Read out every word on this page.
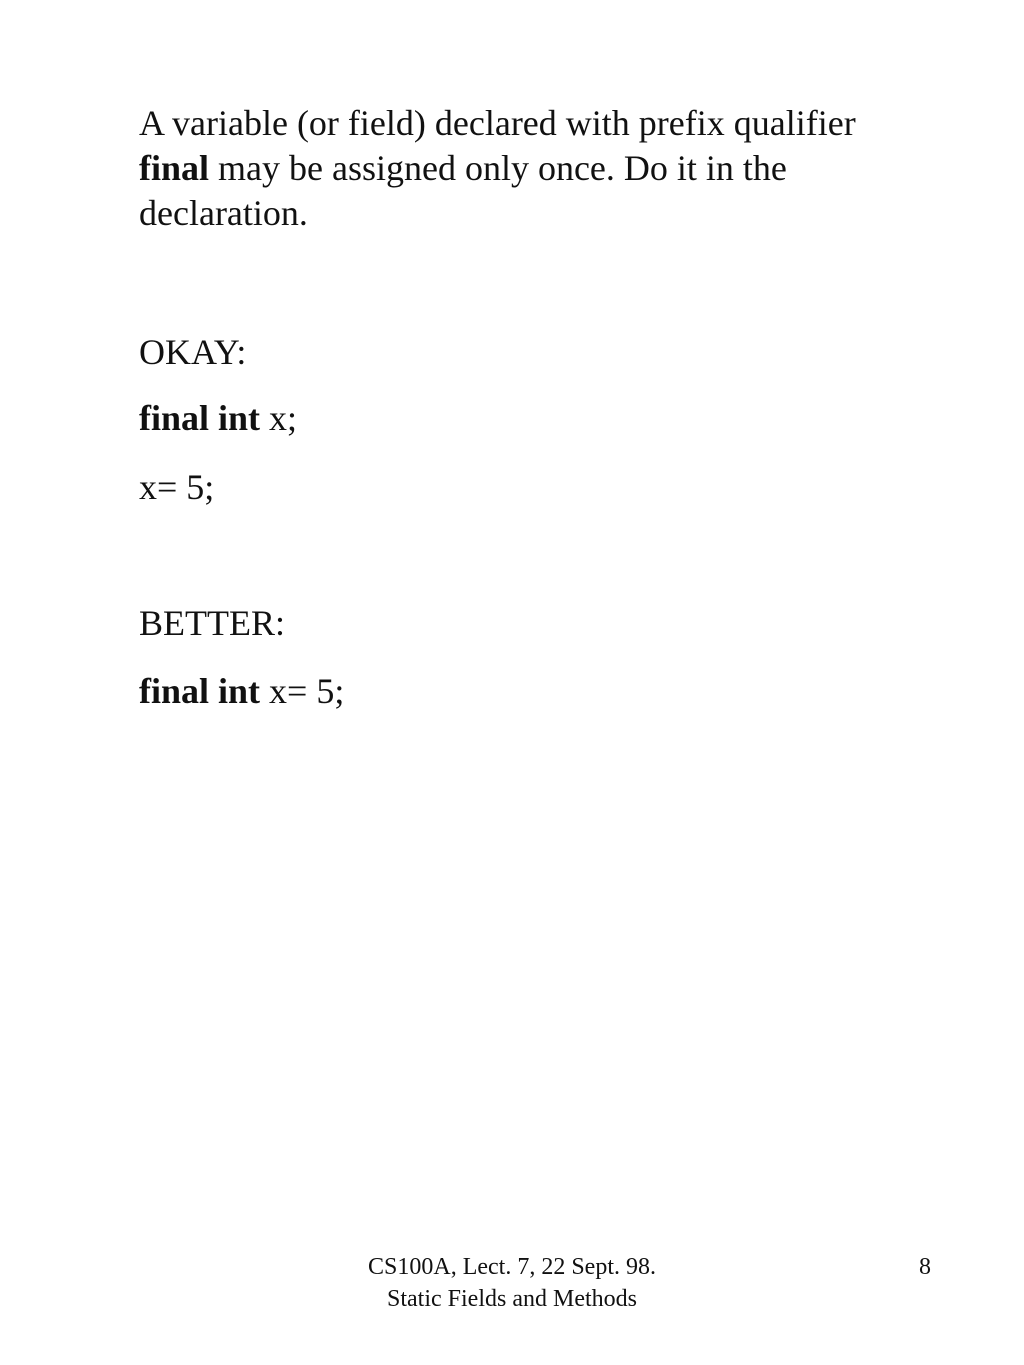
A variable (or field) declared with prefix qualifier final may be assigned only once. Do it in the declaration.

OKAY:

final int x;

x= 5;

BETTER:

final int x= 5;

CS100A, Lect. 7, 22 Sept. 98. Static Fields and Methods

8
